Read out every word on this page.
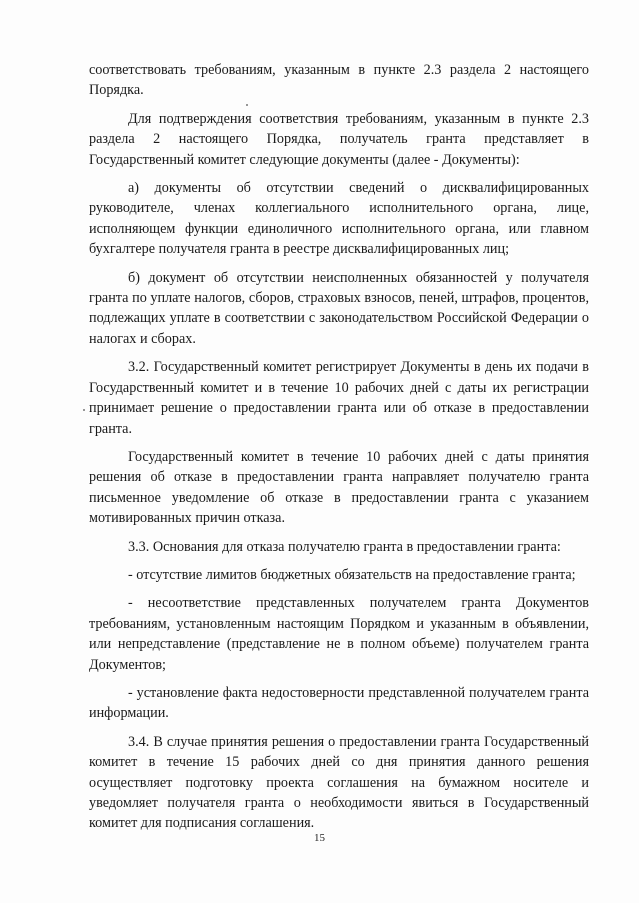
соответствовать требованиям, указанным в пункте 2.3 раздела 2 настоящего Порядка.

Для подтверждения соответствия требованиям, указанным в пункте 2.3 раздела 2 настоящего Порядка, получатель гранта представляет в Государственный комитет следующие документы (далее - Документы):

а) документы об отсутствии сведений о дисквалифицированных руководителе, членах коллегиального исполнительного органа, лице, исполняющем функции единоличного исполнительного органа, или главном бухгалтере получателя гранта в реестре дисквалифицированных лиц;

б) документ об отсутствии неисполненных обязанностей у получателя гранта по уплате налогов, сборов, страховых взносов, пеней, штрафов, процентов, подлежащих уплате в соответствии с законодательством Российской Федерации о налогах и сборах.

3.2. Государственный комитет регистрирует Документы в день их подачи в Государственный комитет и в течение 10 рабочих дней с даты их регистрации принимает решение о предоставлении гранта или об отказе в предоставлении гранта.

Государственный комитет в течение 10 рабочих дней с даты принятия решения об отказе в предоставлении гранта направляет получателю гранта письменное уведомление об отказе в предоставлении гранта с указанием мотивированных причин отказа.

3.3. Основания для отказа получателю гранта в предоставлении гранта:

- отсутствие лимитов бюджетных обязательств на предоставление гранта;

- несоответствие представленных получателем гранта Документов требованиям, установленным настоящим Порядком и указанным в объявлении, или непредставление (представление не в полном объеме) получателем гранта Документов;

- установление факта недостоверности представленной получателем гранта информации.

3.4. В случае принятия решения о предоставлении гранта Государственный комитет в течение 15 рабочих дней со дня принятия данного решения осуществляет подготовку проекта соглашения на бумажном носителе и уведомляет получателя гранта о необходимости явиться в Государственный комитет для подписания соглашения.

15
